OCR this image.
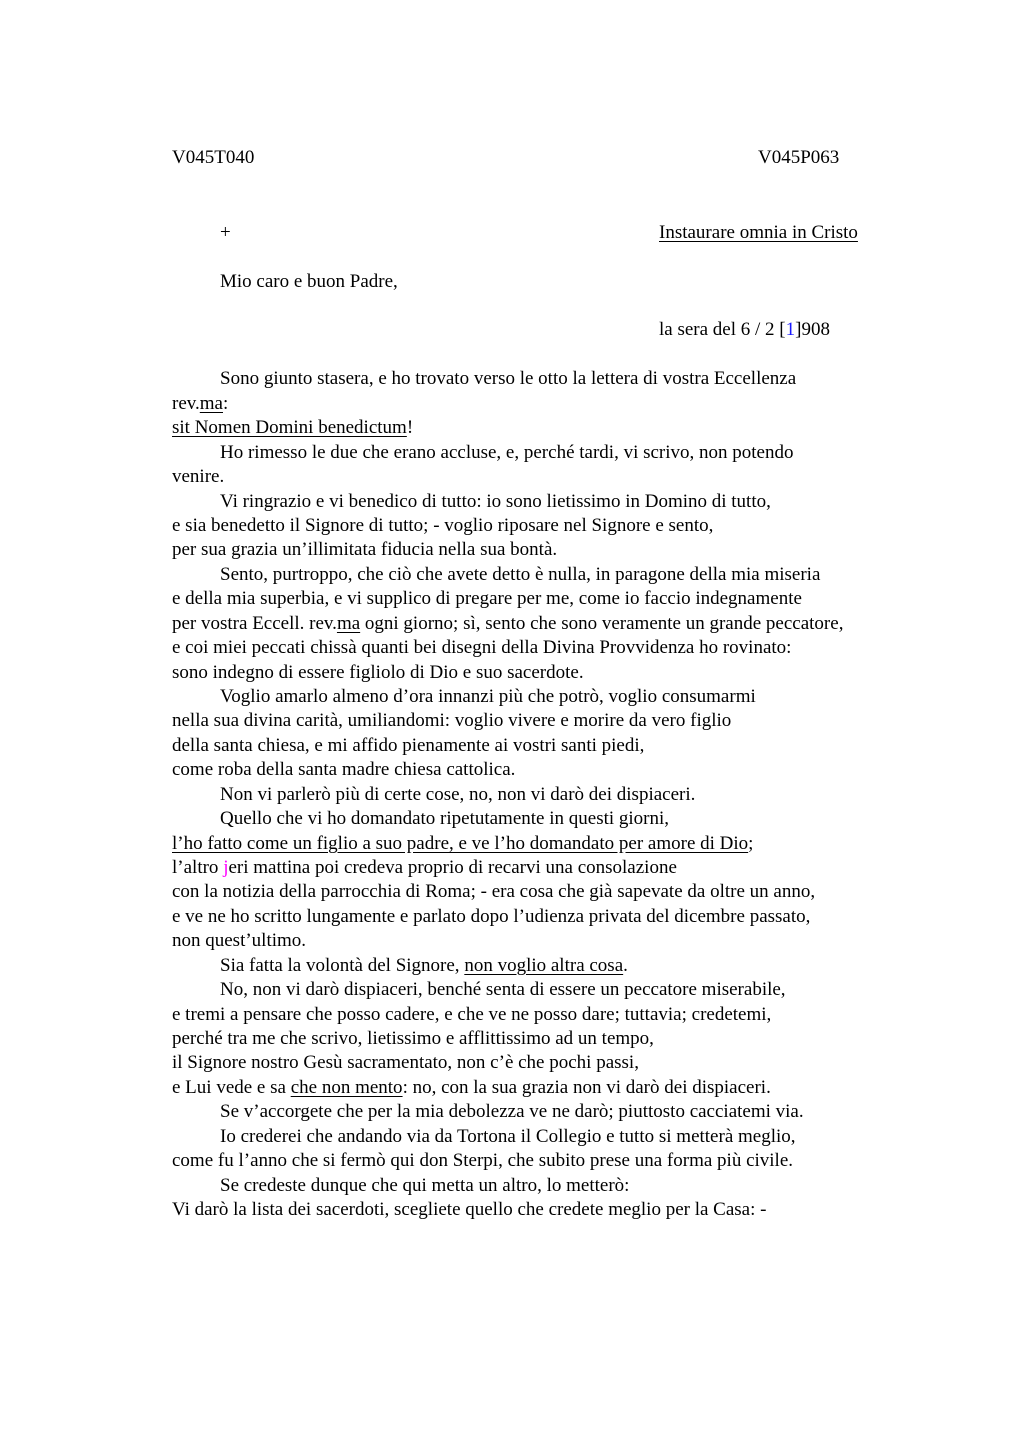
V045T040	V045P063
+	Instaurare omnia in Cristo
Mio caro e buon Padre,
la sera del 6 / 2 [1]908
Sono giunto stasera, e ho trovato verso le otto la lettera di vostra Eccellenza
rev.ma:
sit Nomen Domini benedictum!
Ho rimesso le due che erano accluse, e, perché tardi, vi scrivo, non potendo
venire.
Vi ringrazio e vi benedico di tutto: io sono lietissimo in Domino di tutto,
e sia benedetto il Signore di tutto; - voglio riposare nel Signore e sento,
per sua grazia un’illimitata fiducia nella sua bontà.
Sento, purtroppo, che ciò che avete detto è nulla, in paragone della mia miseria
e della mia superbia, e vi supplico di pregare per me, come io faccio indegnamente
per vostra Eccell. rev.ma ogni giorno; sì, sento che sono veramente un grande peccatore,
e coi miei peccati chissà quanti bei disegni della Divina Provvidenza ho rovinato:
sono indegno di essere figliolo di Dio e suo sacerdote.
Voglio amarlo almeno d’ora innanzi più che potrò, voglio consumarmi
nella sua divina carità, umiliandomi: voglio vivere e morire da vero figlio
della santa chiesa, e mi affido pienamente ai vostri santi piedi,
come roba della santa madre chiesa cattolica.
Non vi parlerò più di certe cose, no, non vi darò dei dispiaceri.
Quello che vi ho domandato ripetutamente in questi giorni,
l’ho fatto come un figlio a suo padre, e ve l’ho domandato per amore di Dio;
l’altro jeri mattina poi credeva proprio di recarvi una consolazione
con la notizia della parrocchia di Roma; - era cosa che già sapevate da oltre un anno,
e ve ne ho scritto lungamente e parlato dopo l’udienza privata del dicembre passato,
non quest’ultimo.
Sia fatta la volontà del Signore, non voglio altra cosa.
No, non vi darò dispiaceri, benché senta di essere un peccatore miserabile,
e tremi a pensare che posso cadere, e che ve ne posso dare; tuttavia; credetemi,
perché tra me che scrivo, lietissimo e afflittissimo ad un tempo,
il Signore nostro Gesù sacramentato, non c’è che pochi passi,
e Lui vede e sa che non mento: no, con la sua grazia non vi darò dei dispiaceri.
Se v’accorgete che per la mia debolezza ve ne darò; piuttosto cacciatemi via.
Io crederei che andando via da Tortona il Collegio e tutto si metterà meglio,
come fu l’anno che si fermò qui don Sterpi, che subito prese una forma più civile.
Se credeste dunque che qui metta un altro, lo metterò:
Vi darò la lista dei sacerdoti, scegliete quello che credete meglio per la Casa: -
